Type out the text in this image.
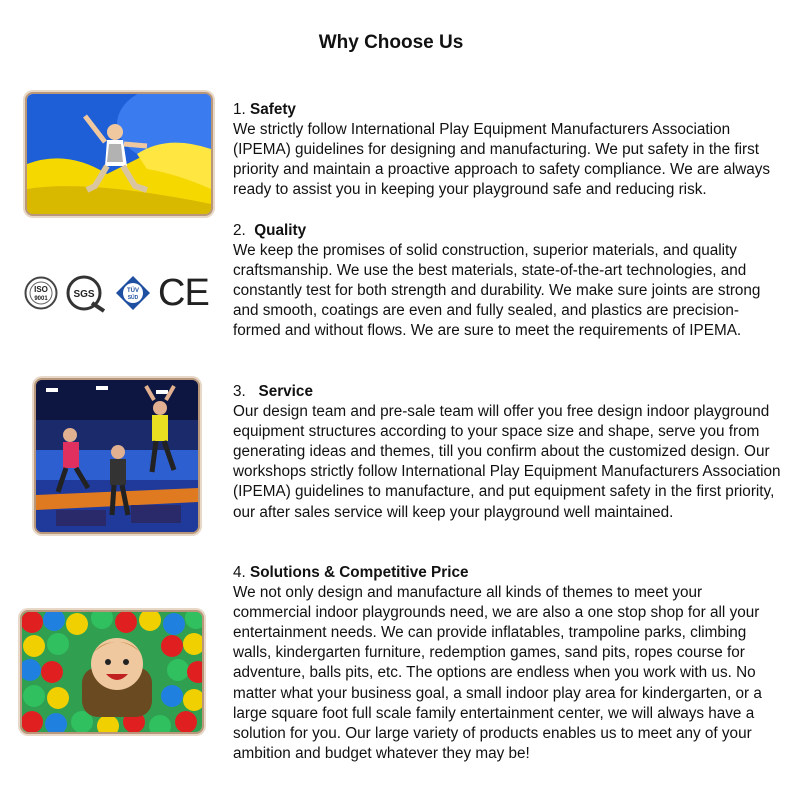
Why Choose Us
ISO
9001	SGS	TÜV
SÜD CE

1. Safety

We strictly follow International Play Equipment Manufacturers Association (IPEMA) guidelines for designing and manufacturing. We put safety in the first priority and maintain a proactive approach to safety compliance. We are always ready to assist you in keeping your playground safe and reducing risk.

2. Quality

We keep the promises of solid construction, superior materials, and quality craftsmanship. We use the best materials, state-of-the-art technologies, and constantly test for both strength and durability. We make sure joints are strong and smooth, coatings are even and fully sealed, and plastics are precision-formed and without flows. We are sure to meet the requirements of IPEMA.

3. Service

Our design team and pre-sale team will offer you free design indoor playground equipment structures according to your space size and shape, serve you from generating ideas and themes, till you confirm about the customized design. Our workshops strictly follow International Play Equipment Manufacturers Association (IPEMA) guidelines to manufacture, and put equipment safety in the first priority, our after sales service will keep your playground well maintained.

4. Solutions & Competitive Price

We not only design and manufacture all kinds of themes to meet your commercial indoor playgrounds need, we are also a one stop shop for all your entertainment needs. We can provide inflatables, trampoline parks, climbing walls, kindergarten furniture, redemption games, sand pits, ropes course for adventure, balls pits, etc. The options are endless when you work with us. No matter what your business goal, a small indoor play area for kindergarten, or a large square foot full scale family entertainment center, we will always have a solution for you. Our large variety of products enables us to meet any of your ambition and budget whatever they may be!
